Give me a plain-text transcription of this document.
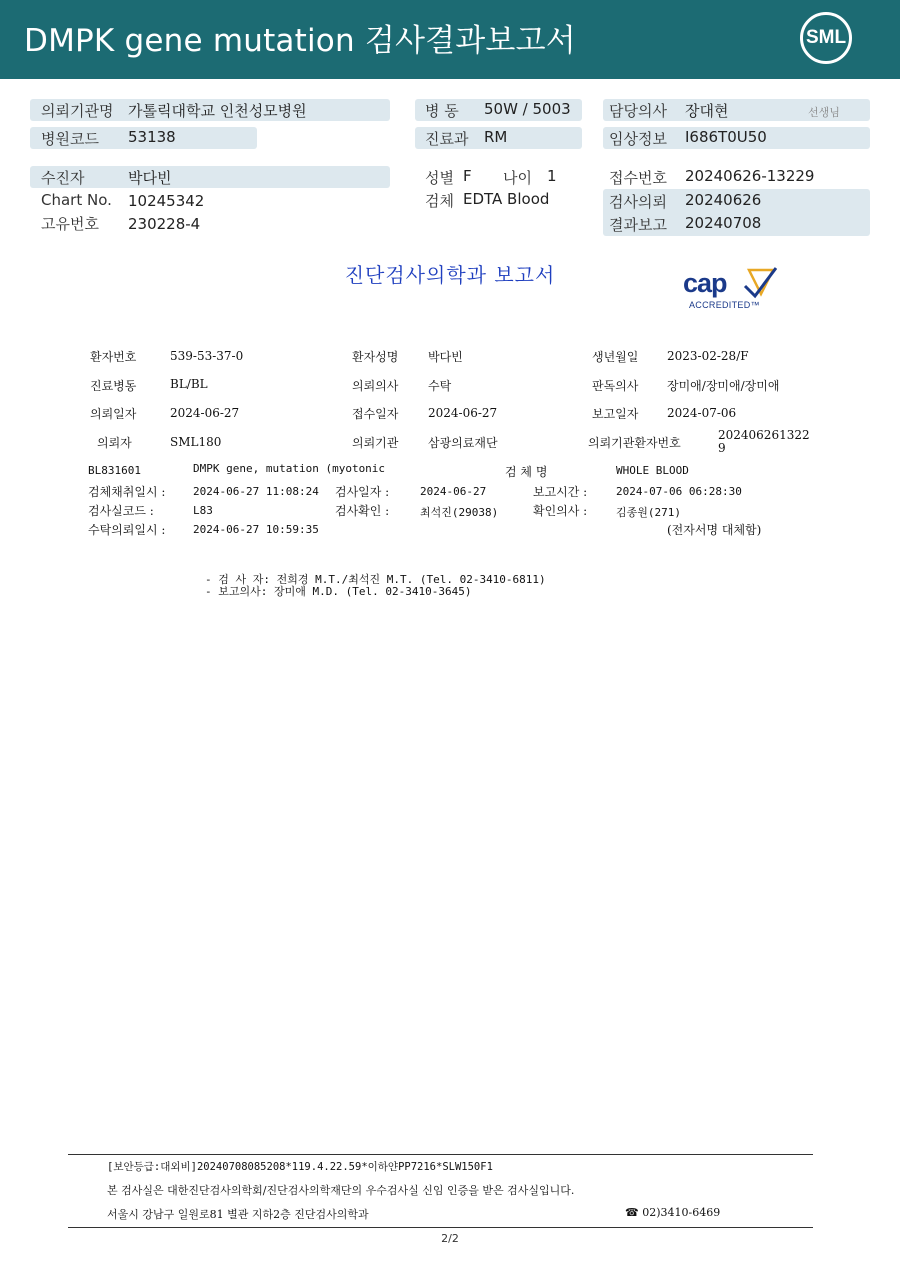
DMPK gene mutation 검사결과보고서	SML
의뢰기관명 가톨릭대학교 인천성모병원
병원코드 53138
병 동 50W / 5003
진료과 RM
담당의사 장대현	선생님
임상정보 I686T0U50
수진자	박다빈
Chart No. 10245342
고유번호 230228-4
성별 F 나이 1
검체 EDTA Blood
접수번호 20240626-13229
검사의뢰 20240626
결과보고 20240708
진단검사의학과 보고서	cap
ACCREDITED™
환자번호	539-53-37-0	환자성명 박다빈	생년월일 2023-02-28/F
진료병동	BL/BL	의뢰의사 수탁	판독의사 장미애/장미애/장미애
의뢰일자	2024-06-27	접수일자 2024-06-27	보고일자 2024-07-06
의뢰자	SML180	의뢰기관 삼광의료재단	의뢰기관환자번호
202406261322
9
BL831601	DMPK gene, mutation (myotonic	검 체 명	WHOLE BLOOD
검체채취일시 :	2024-06-27 11:08:24 검사일자 :	2024-06-27	보고시간 :	2024-07-06 06:28:30
검사실코드 :	L83	검사확인 :	최석진(29038)	확인의사 :	김종원(271)
수탁의뢰일시 :	2024-06-27 10:59:35	(전자서명 대체함)
- 검 사 자: 전희경 M.T./최석진 M.T. (Tel. 02-3410-6811)
- 보고의사: 장미애 M.D. (Tel. 02-3410-3645)
[보안등급:대외비]20240708085208*119.4.22.59*이하얀PP7216*SLW150F1
본 검사실은 대한진단검사의학회/진단검사의학재단의 우수검사실 신임 인증을 받은 검사실입니다.
서울시 강남구 일원로81 별관 지하2층 진단검사의학과	☎ 02)3410-6469
2/2
